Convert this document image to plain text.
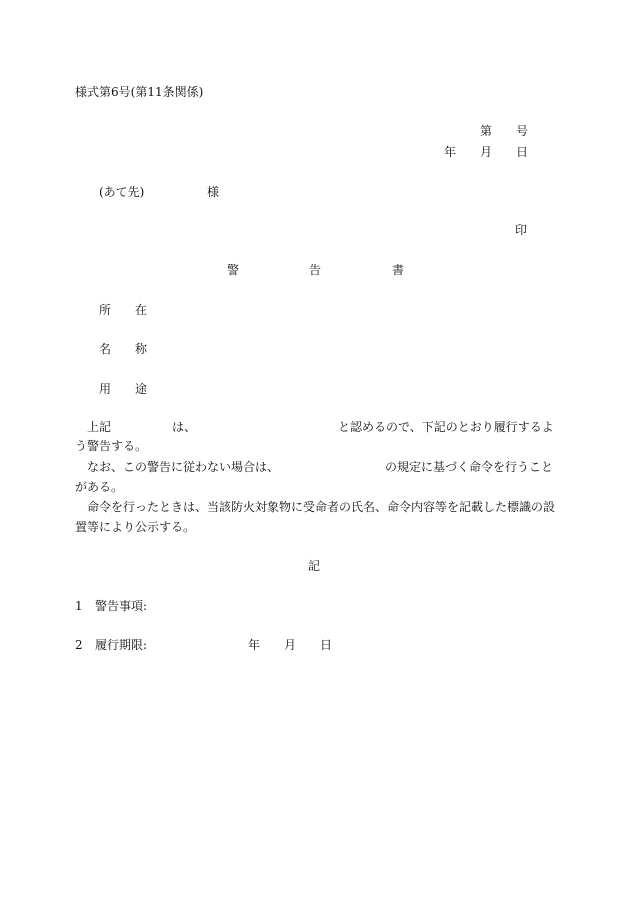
様式第6号(第11条関係)
第 号
年 月 日
(あて先)	様
印
警	告	書
所 在
名 称
用 途
上記	は、	と認めるので、下記のとおり履行するよ
う警告する。
なお、この警告に従わない場合は、	の規定に基づく命令を行うこと
がある。
命令を行ったときは、当該防火対象物に受命者の氏名、命令内容等を記載した標識の設
置等により公示する。
記
1 警告事項:
2 履行期限:	年 月 日
